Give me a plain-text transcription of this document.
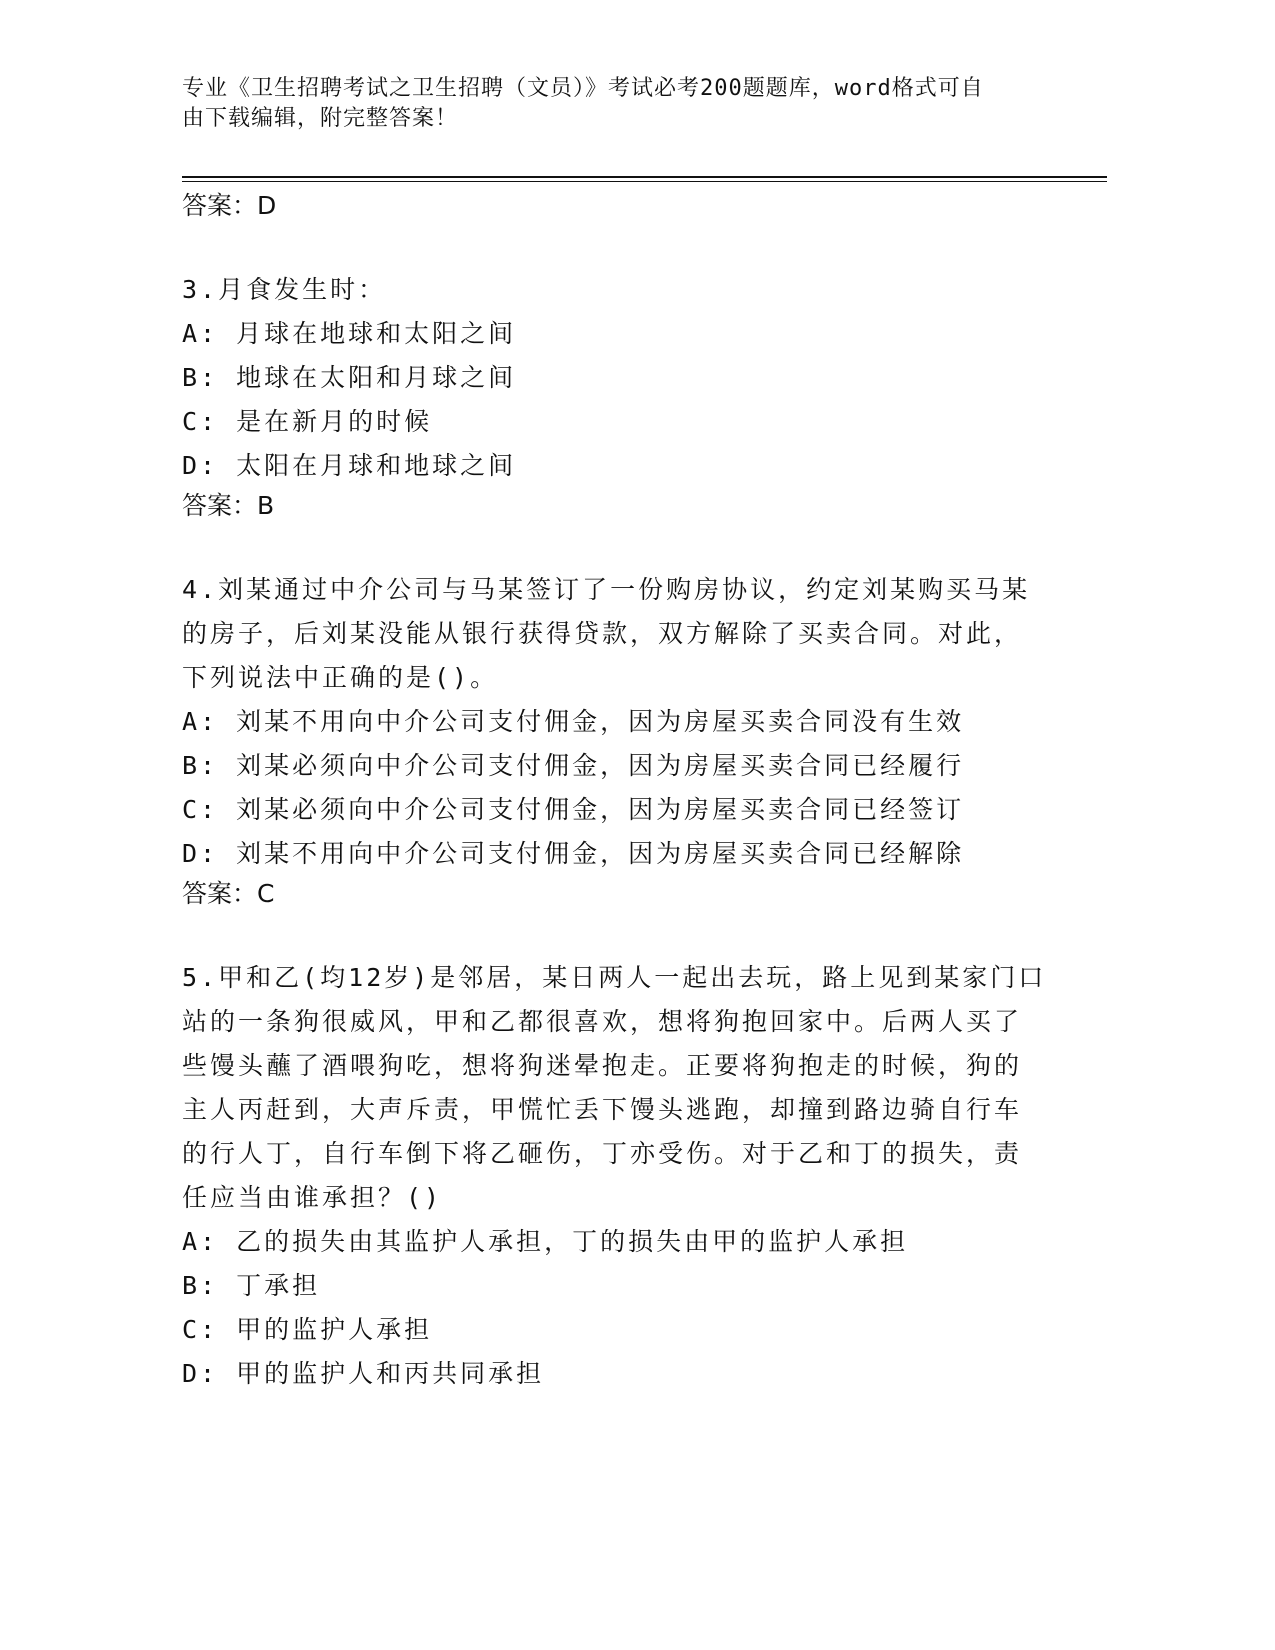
专业《卫生招聘考试之卫生招聘（文员）》考试必考200题题库，word格式可自
由下载编辑，附完整答案！
答案：D
3.月食发生时：
A: 月球在地球和太阳之间
B: 地球在太阳和月球之间
C: 是在新月的时候
D: 太阳在月球和地球之间
答案：B
4.刘某通过中介公司与马某签订了一份购房协议，约定刘某购买马某
的房子，后刘某没能从银行获得贷款，双方解除了买卖合同。对此，
下列说法中正确的是()。
A: 刘某不用向中介公司支付佣金，因为房屋买卖合同没有生效
B: 刘某必须向中介公司支付佣金，因为房屋买卖合同已经履行
C: 刘某必须向中介公司支付佣金，因为房屋买卖合同已经签订
D: 刘某不用向中介公司支付佣金，因为房屋买卖合同已经解除
答案：C
5.甲和乙(均12岁)是邻居，某日两人一起出去玩，路上见到某家门口
站的一条狗很威风，甲和乙都很喜欢，想将狗抱回家中。后两人买了
些馒头蘸了酒喂狗吃，想将狗迷晕抱走。正要将狗抱走的时候，狗的
主人丙赶到，大声斥责，甲慌忙丢下馒头逃跑，却撞到路边骑自行车
的行人丁，自行车倒下将乙砸伤，丁亦受伤。对于乙和丁的损失，责
任应当由谁承担？()
A: 乙的损失由其监护人承担，丁的损失由甲的监护人承担
B: 丁承担
C: 甲的监护人承担
D: 甲的监护人和丙共同承担
